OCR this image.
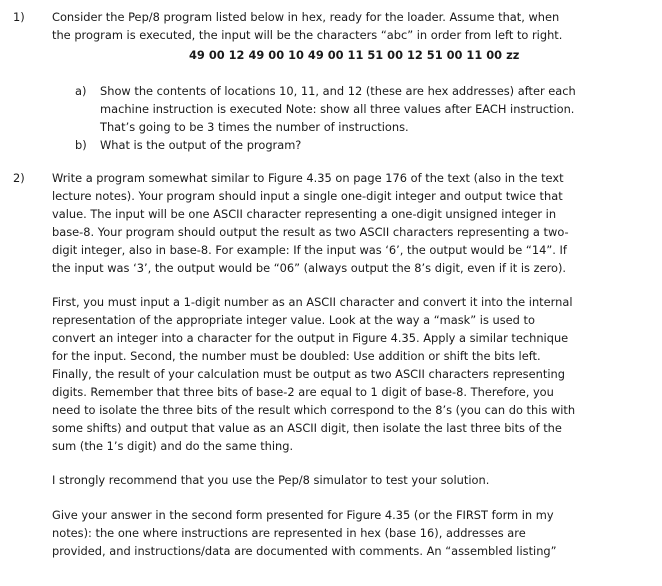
1)	Consider the Pep/8 program listed below in hex, ready for the loader. Assume that, when
the program is executed, the input will be the characters “abc” in order from left to right.
49 00 12 49 00 10 49 00 11 51 00 12 51 00 11 00 zz
a)	Show the contents of locations 10, 11, and 12 (these are hex addresses) after each
machine instruction is executed Note: show all three values after EACH instruction.
That’s going to be 3 times the number of instructions.
b)	What is the output of the program?
2)	Write a program somewhat similar to Figure 4.35 on page 176 of the text (also in the text
lecture notes). Your program should input a single one-digit integer and output twice that
value. The input will be one ASCII character representing a one-digit unsigned integer in
base-8. Your program should output the result as two ASCII characters representing a two-
digit integer, also in base-8. For example: If the input was ‘6’, the output would be “14”. If
the input was ‘3’, the output would be “06” (always output the 8’s digit, even if it is zero).
First, you must input a 1-digit number as an ASCII character and convert it into the internal
representation of the appropriate integer value. Look at the way a “mask” is used to
convert an integer into a character for the output in Figure 4.35. Apply a similar technique
for the input. Second, the number must be doubled: Use addition or shift the bits left.
Finally, the result of your calculation must be output as two ASCII characters representing
digits. Remember that three bits of base-2 are equal to 1 digit of base-8. Therefore, you
need to isolate the three bits of the result which correspond to the 8’s (you can do this with
some shifts) and output that value as an ASCII digit, then isolate the last three bits of the
sum (the 1’s digit) and do the same thing.
I strongly recommend that you use the Pep/8 simulator to test your solution.
Give your answer in the second form presented for Figure 4.35 (or the FIRST form in my
notes): the one where instructions are represented in hex (base 16), addresses are
provided, and instructions/data are documented with comments. An “assembled listing”
